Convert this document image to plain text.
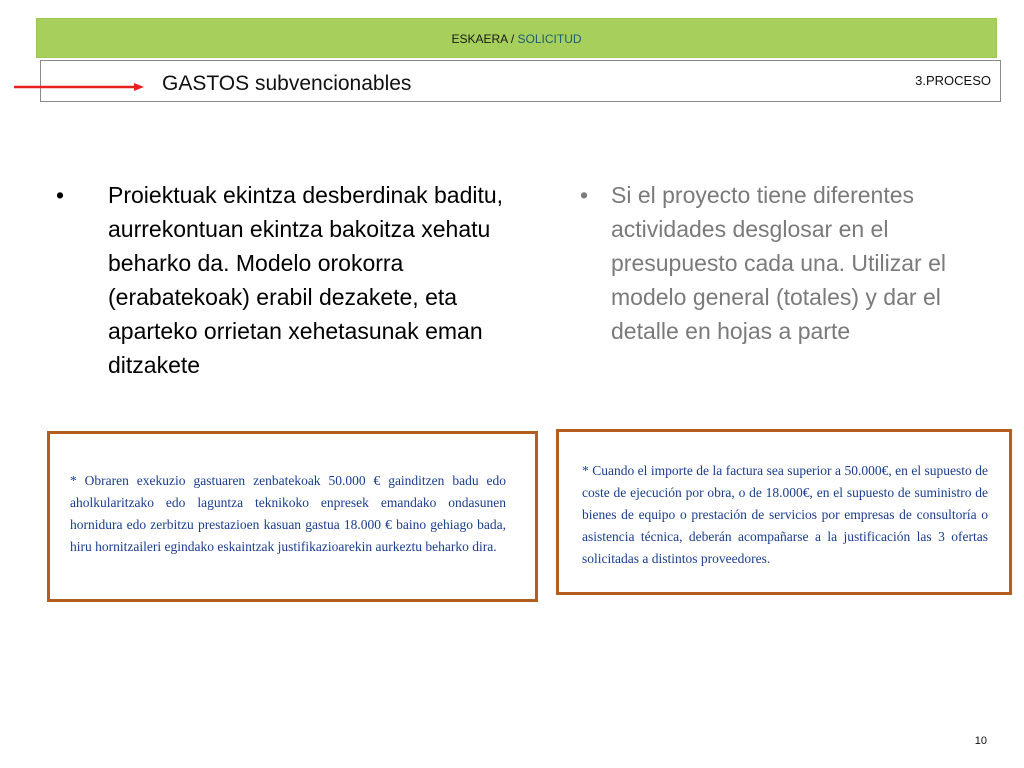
ESKAERA / SOLICITUD
GASTOS subvencionables	3.PROCESO
• Proiektuak ekintza desberdinak baditu, aurrekontuan ekintza bakoitza xehatu beharko da. Modelo orokorra (erabatekoak) erabil dezakete, eta aparteko orrietan xehetasunak eman ditzakete
• Si el proyecto tiene diferentes actividades desglosar en el presupuesto cada una. Utilizar el modelo general (totales) y dar el detalle en hojas a parte
* Obraren exekuzio gastuaren zenbatekoak 50.000 € gainditzen badu edo aholkularitzako edo laguntza teknikoko enpresek emandako ondasunen hornidura edo zerbitzu prestazioen kasuan gastua 18.000 € baino gehiago bada, hiru hornitzaileri egindako eskaintzak justifikazioarekin aurkeztu beharko dira.
* Cuando el importe de la factura sea superior a 50.000€, en el supuesto de coste de ejecución por obra, o de 18.000€, en el supuesto de suministro de bienes de equipo o prestación de servicios por empresas de consultoría o asistencia técnica, deberán acompañarse a la justificación las 3 ofertas solicitadas a distintos proveedores.
10
